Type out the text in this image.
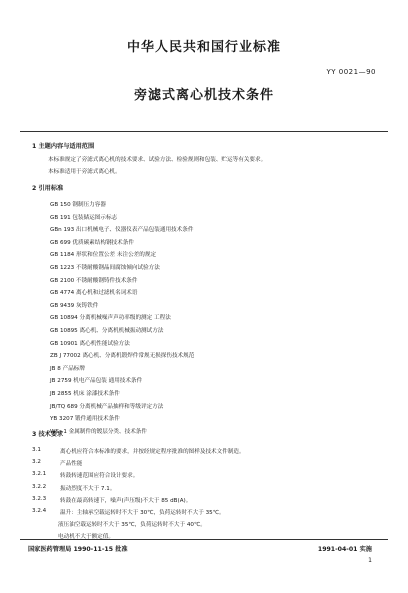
中华人民共和国行业标准
YY 0021—90
旁滤式离心机技术条件
1 主题内容与适用范围
本标准规定了旁滤式离心机的技术要求、试验方法、检验规则和包装、贮运等有关要求。
本标准适用于旁滤式离心机。
2 引用标准
GB 150 钢制压力容器
GB 191 包装储运图示标志
GBn 193 出口机械电子、仪器仪表产品包装通用技术条件
GB 699 优质碳素结构钢技术条件
GB 1184 形状和位置公差 未注公差的规定
GB 1223 不锈耐酸钢晶间腐蚀倾向试验方法
GB 2100 不锈耐酸钢铸件技术条件
GB 4774 离心机和过滤机名词术语
GB 9439 灰铸铁件
GB 10894 分离机械噪声声功率级的测定 工程法
GB 10895 离心机、分离机机械振动测试方法
GB 10901 离心机性能试验方法
ZB J 77002 离心机、分离机锻焊件常规无损探伤技术规范
JB 8 产品标牌
JB 2759 机电产品包装 通用技术条件
JB 2855 机床 涂漆技术条件
JB/TQ 689 分离机械产品抽样和等级评定方法
YB 3207 锻件通用技术条件
WS₂-1 金属制件的镀层分类、技术条件
3 技术要求
3.1	离心机应符合本标准的要求，并按经规定程序批准的图样及技术文件制造。
3.2	产品性能
3.2.1 转鼓转速范围应符合设计要求。
3.2.2 振动烈度不大于 7.1。
3.2.3 转鼓在最高转速下，噪声(声压级)不大于 85 dB(A)。
3.2.4 温升：主轴承空载运转时不大于 30℃，负荷运转时不大于 35℃。
液压油空载运转时不大于 35℃，负荷运转时不大于 40℃。
电动机不大于额定值。
国家医药管理局 1990-11-15 批准	1991-04-01 实施
1
